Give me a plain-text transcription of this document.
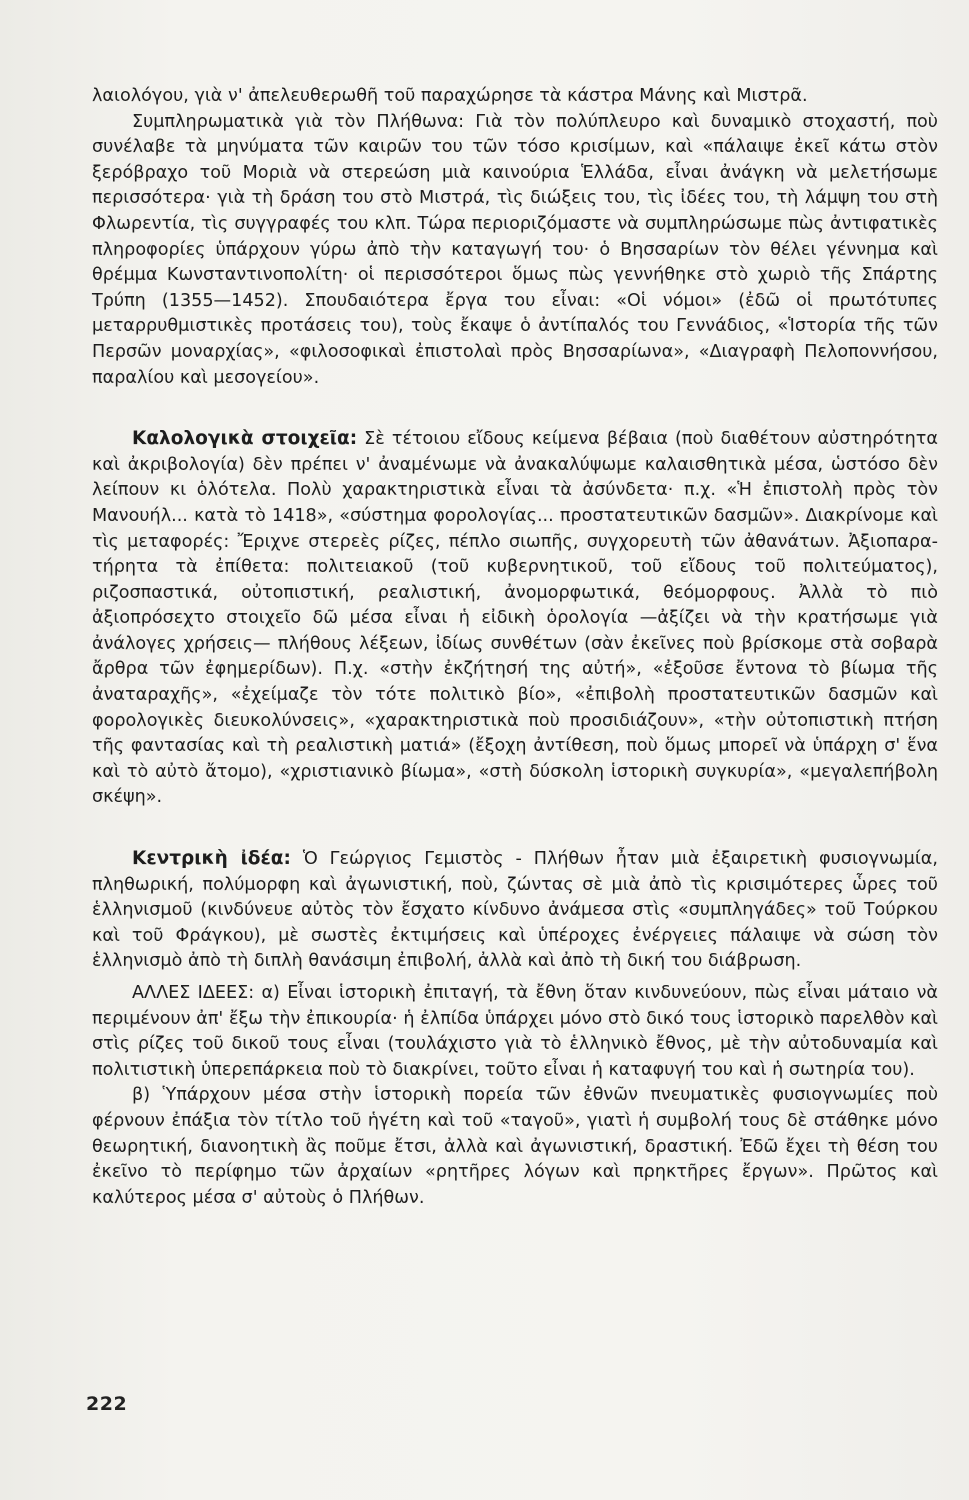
λαιολόγου, γιὰ ν' ἀπελευθερωθῆ τοῦ παραχώρησε τὰ κάστρα Μάνης καὶ Μιστρᾶ.

Συμπληρωματικὰ γιὰ τὸν Πλήθωνα: Γιὰ τὸν πολύπλευρο καὶ δυναμικὸ στοχαστή, ποὺ συνέλαβε τὰ μηνύματα τῶν καιρῶν του τῶν τόσο κρισίμων, καὶ «πάλαιψε ἐκεῖ κάτω στὸν ξερόβραχο τοῦ Μοριὰ νὰ στερεώση μιὰ καινούρια Ἑλλάδα, εἶναι ἀνάγκη νὰ μελετήσωμε περισσότερα· γιὰ τὴ δράση του στὸ Μιστρά, τὶς διώξεις του, τὶς ἰδέες του, τὴ λάμψη του στὴ Φλωρεντία, τὶς συγγραφές του κλπ. Τώρα περιοριζόμαστε νὰ συμπληρώσωμε πὼς ἀντιφατικὲς πληροφορίες ὑπάρχουν γύρω ἀπὸ τὴν καταγωγή του· ὁ Βησσαρίων τὸν θέλει γέννημα καὶ θρέμμα Κωνσταντινοπολίτη· οἱ περισσότεροι ὅμως πὼς γεννήθηκε στὸ χωριὸ τῆς Σπάρτης Τρύπη (1355—1452). Σπουδαιότερα ἔργα του εἶναι: «Οἱ νόμοι» (ἐδῶ οἱ πρωτότυπες μεταρρυθμιστικὲς προτάσεις του), τοὺς ἔκαψε ὁ ἀντίπαλός του Γεννάδιος, «Ἱστορία τῆς τῶν Περσῶν μοναρχίας», «φιλοσοφικαὶ ἐπιστολαὶ πρὸς Βησσαρίωνα», «Διαγραφὴ Πελοποννήσου, παραλίου καὶ μεσογείου».

Καλολογικὰ στοιχεῖα: Σὲ τέτοιου εἴδους κείμενα βέβαια (ποὺ διαθέτουν αὐστηρότητα καὶ ἀκριβολογία) δὲν πρέπει ν' ἀναμένωμε νὰ ἀνακαλύψωμε καλαισθητικὰ μέσα, ὡστόσο δὲν λείπουν κι ὁλότελα. Πολὺ χαρακτηριστικὰ εἶναι τὰ ἀσύνδετα· π.χ. «Ἡ ἐπιστολὴ πρὸς τὸν Μανουήλ... κατὰ τὸ 1418», «σύστημα φορολογίας... προστατευτικῶν δασμῶν». Διακρίνομε καὶ τὶς μεταφορές: Ἔριχνε στερεὲς ρίζες, πέπλο σιωπῆς, συγχορευτὴ τῶν ἀθανάτων. Ἀξιοπαρατήρητα τὰ ἐπίθετα: πολιτειακοῦ (τοῦ κυβερνητικοῦ, τοῦ εἴδους τοῦ πολιτεύματος), ριζοσπαστικά, οὐτοπιστική, ρεαλιστική, ἀνομορφωτικά, θεόμορφους. Ἀλλὰ τὸ πιὸ ἀξιοπρόσεχτο στοιχεῖο δῶ μέσα εἶναι ἡ εἰδικὴ ὁρολογία —ἀξίζει νὰ τὴν κρατήσωμε γιὰ ἀνάλογες χρήσεις— πλήθους λέξεων, ἰδίως συνθέτων (σὰν ἐκεῖνες ποὺ βρίσκομε στὰ σοβαρὰ ἄρθρα τῶν ἐφημερίδων). Π.χ. «στὴν ἐκζήτησή της αὐτή», «ἐξοῦσε ἔντονα τὸ βίωμα τῆς ἀναταραχῆς», «ἐχείμαζε τὸν τότε πολιτικὸ βίο», «ἐπιβολὴ προστατευτικῶν δασμῶν καὶ φορολογικὲς διευκολύνσεις», «χαρακτηριστικὰ ποὺ προσιδιάζουν», «τὴν οὐτοπιστικὴ πτήση τῆς φαντασίας καὶ τὴ ρεαλιστικὴ ματιά» (ἔξοχη ἀντίθεση, ποὺ ὅμως μπορεῖ νὰ ὑπάρχη σ' ἕνα καὶ τὸ αὐτὸ ἄτομο), «χριστιανικὸ βίωμα», «στὴ δύσκολη ἱστορικὴ συγκυρία», «μεγαλεπήβολη σκέψη».

Κεντρικὴ ἰδέα: Ὁ Γεώργιος Γεμιστὸς - Πλήθων ἦταν μιὰ ἐξαιρετικὴ φυσιογνωμία, πληθωρική, πολύμορφη καὶ ἀγωνιστική, ποὺ, ζώντας σὲ μιὰ ἀπὸ τὶς κρισιμότερες ὧρες τοῦ ἑλληνισμοῦ (κινδύνευε αὐτὸς τὸν ἔσχατο κίνδυνο ἀνάμεσα στὶς «συμπληγάδες» τοῦ Τούρκου καὶ τοῦ Φράγκου), μὲ σωστὲς ἐκτιμήσεις καὶ ὑπέροχες ἐνέργειες πάλαιψε νὰ σώση τὸν ἑλληνισμὸ ἀπὸ τὴ διπλὴ θανάσιμη ἐπιβολή, ἀλλὰ καὶ ἀπὸ τὴ δική του διάβρωση.

ΑΛΛΕΣ ΙΔΕΕΣ: α) Εἶναι ἱστορικὴ ἐπιταγή, τὰ ἔθνη ὅταν κινδυνεύουν, πὼς εἶναι μάταιο νὰ περιμένουν ἀπ' ἔξω τὴν ἐπικουρία· ἡ ἐλπίδα ὑπάρχει μόνο στὸ δικό τους ἱστορικὸ παρελθὸν καὶ στὶς ρίζες τοῦ δικοῦ τους εἶναι (τουλάχιστο γιὰ τὸ ἑλληνικὸ ἔθνος, μὲ τὴν αὐτοδυναμία καὶ πολιτιστικὴ ὑπερεπάρκεια ποὺ τὸ διακρίνει, τοῦτο εἶναι ἡ καταφυγή του καὶ ἡ σωτηρία του).

β) Ὑπάρχουν μέσα στὴν ἱστορικὴ πορεία τῶν ἐθνῶν πνευματικὲς φυσιογνωμίες ποὺ φέρνουν ἐπάξια τὸν τίτλο τοῦ ἡγέτη καὶ τοῦ «ταγοῦ», γιατὶ ἡ συμβολή τους δὲ στάθηκε μόνο θεωρητική, διανοητικὴ ἂς ποῦμε ἔτσι, ἀλλὰ καὶ ἀγωνιστική, δραστική. Ἐδῶ ἔχει τὴ θέση του ἐκεῖνο τὸ περίφημο τῶν ἀρχαίων «ρητῆρες λόγων καὶ πρηκτῆρες ἔργων». Πρῶτος καὶ καλύτερος μέσα σ' αὐτοὺς ὁ Πλήθων.

222
